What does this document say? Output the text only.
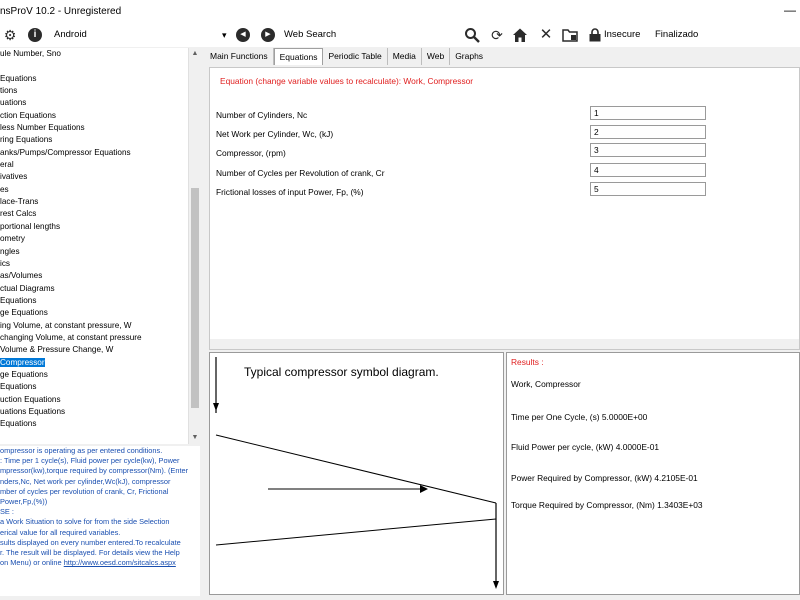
nsProV 10.2 - Unregistered	—
⚙	i	Android	▾	◀	▶	Web Search	⟳ ✕	Insecure Finalizado
ule Number, Sno
Equations
tions
uations
ction Equations
less Number Equations
ring Equations
anks/Pumps/Compressor Equations
eral
ivatives
es
lace-Trans
rest Calcs
portional lengths
ometry
ngles
ics
as/Volumes
ctual Diagrams
Equations
ge Equations
ing Volume, at constant pressure, W
changing Volume, at constant pressure
Volume & Pressure Change, W
Compressor
ge Equations
Equations
uction Equations
uations Equations
Equations
▲
▼

ompressor is operating as per entered conditions.

: Time per 1 cycle(s), Fluid power per cycle(kw), Power

mpressor(kw),torque required by compressor(Nm). (Enter

nders,Nc, Net work per cylinder,Wc(kJ), compressor

mber of cycles per revolution of crank, Cr, Frictional

Power,Fp,(%))

SE :

a Work Situation to solve for from the side Selection

erical value for all required variables.

sults displayed on every number entered.To recalculate

r. The result will be displayed. For details view the Help

on Menu) or online http://www.oesd.com/sitcalcs.aspx

Main Functions	Equations	Periodic Table	Media	Web	Graphs
Equation (change variable values to recalculate): Work, Compressor
Number of Cylinders, Nc	1
Net Work per Cylinder, Wc, (kJ)	2
Compressor, (rpm)	3
Number of Cycles per Revolution of crank, Cr	4
Frictional losses of input Power, Fp, (%)	5
Typical compressor symbol diagram.
Results :
Work, Compressor
Time per One Cycle, (s) 5.0000E+00
Fluid Power per cycle, (kW) 4.0000E-01
Power Required by Compressor, (kW) 4.2105E-01
Torque Required by Compressor, (Nm) 1.3403E+03
